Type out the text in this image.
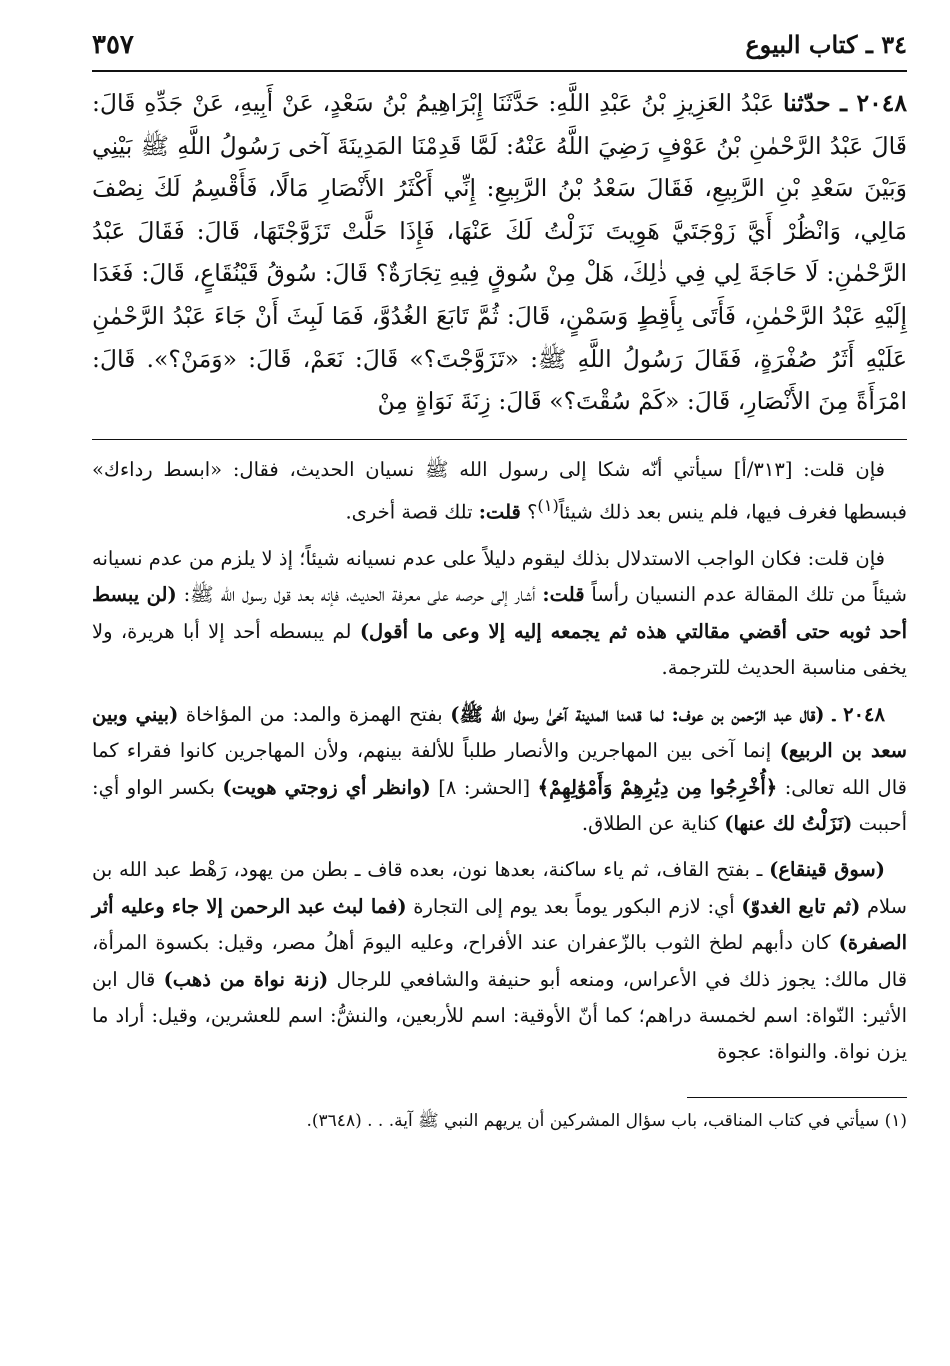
٣٤ ـ كتاب البيوع
٣٥٧
٢٠٤٨ ـ حدّثنا عَبْدُ العَزِيزِ بْنُ عَبْدِ اللَّهِ: حَدَّثَنَا إِبْرَاهِيمُ بْنُ سَعْدٍ، عَنْ أَبِيهِ، عَنْ جَدِّهِ قَالَ: قَالَ عَبْدُ الرَّحْمٰنِ بْنُ عَوْفٍ رَضِيَ اللَّهُ عَنْهُ: لَمَّا قَدِمْنَا المَدِينَةَ آخى رَسُولُ اللَّهِ ﷺ بَيْنِي وَبَيْنَ سَعْدِ بْنِ الرَّبِيعِ، فَقَالَ سَعْدُ بْنُ الرَّبِيعِ: إِنِّي أَكْثَرُ الأَنْصَارِ مَالًا، فَأَقْسِمُ لَكَ نِصْفَ مَالِي، وَانْظُرْ أَيَّ زَوْجَتَيَّ هَوِيتَ نَزَلْتُ لَكَ عَنْهَا، فَإِذَا حَلَّتْ تَزَوَّجْتَهَا، قَالَ: فَقَالَ عَبْدُ الرَّحْمٰنِ: لَا حَاجَةَ لِي فِي ذٰلِكَ، هَلْ مِنْ سُوقٍ فِيهِ تِجَارَةٌ؟ قَالَ: سُوقُ قَيْنُقَاعٍ، قَالَ: فَغَدَا إِلَيْهِ عَبْدُ الرَّحْمٰنِ، فَأَتَى بِأَقِطٍ وَسَمْنٍ، قَالَ: ثُمَّ تَابَعَ الغُدُوَّ، فَمَا لَبِثَ أَنْ جَاءَ عَبْدُ الرَّحْمٰنِ عَلَيْهِ أَثَرُ صُفْرَةٍ، فَقَالَ رَسُولُ اللَّهِ ﷺ: «تَزَوَّجْتَ؟» قَالَ: نَعَمْ، قَالَ: «وَمَنْ؟». قَالَ: امْرَأَةً مِنَ الأَنْصَارِ، قَالَ: «كَمْ سُقْتَ؟» قَالَ: زِنَةَ نَوَاةٍ مِنْ

فإن قلت: [٣١٣/أ] سيأتي أنّه شكا إلى رسول الله ﷺ نسيان الحديث، فقال: «ابسط رداءك» فبسطها فغرف فيها، فلم ينس بعد ذلك شيئاً$^{(١)}$؟ قلت: تلك قصة أخرى.

فإن قلت: فكان الواجب الاستدلال بذلك ليقوم دليلاً على عدم نسيانه شيئاً؛ إذ لا يلزم من عدم نسيانه شيئاً من تلك المقالة عدم النسيان رأساً قلت: أشار إلى حرصه على معرفة الحديث، فإنه بعد قول رسول الله ﷺ: (لن يبسط أحد ثوبه حتى أقضي مقالتي هذه ثم يجمعه إليه إلا وعى ما أقول) لم يبسطه أحد إلا أبا هريرة، ولا يخفى مناسبة الحديث للترجمة.

٢٠٤٨ ـ (قال عبد الرّحمن بن عوف: لما قدمنا المدينة آخىٰ رسول الله ﷺ) بفتح الهمزة والمد: من المؤاخاة (بيني وبين سعد بن الربيع) إنما آخى بين المهاجرين والأنصار طلباً للألفة بينهم، ولأن المهاجرين كانوا فقراء كما قال الله تعالى: ﴿أُخْرِجُوا مِن دِيَٰرِهِمْ وَأَمْوَٰلِهِمْ﴾ [الحشر: ٨] (وانظر أي زوجتي هويت) بكسر الواو أي: أحببت (نَزَلْتُ لك عنها) كناية عن الطلاق.

(سوق قينقاع) ـ بفتح القاف، ثم ياء ساكنة، بعدها نون، بعده قاف ـ بطن من يهود، رَهْط عبد الله بن سلام (ثم تابع الغدوّ) أي: لازم البكور يوماً بعد يوم إلى التجارة (فما لبث عبد الرحمن إلا جاء وعليه أثر الصفرة) كان دأبهم لطخ الثوب بالزّعفران عند الأفراح، وعليه اليومَ أهلُ مصر، وقيل: بكسوة المرأة، قال مالك: يجوز ذلك في الأعراس، ومنعه أبو حنيفة والشافعي للرجال (زنة نواة من ذهب) قال ابن الأثير: النّواة: اسم لخمسة دراهم؛ كما أنّ الأوقية: اسم للأربعين، والنشُّ: اسم للعشرين، وقيل: أراد ما يزن نواة. والنواة: عجوة

(١) سيأتي في كتاب المناقب، باب سؤال المشركين أن يريهم النبي ﷺ آية. . . (٣٦٤٨).
